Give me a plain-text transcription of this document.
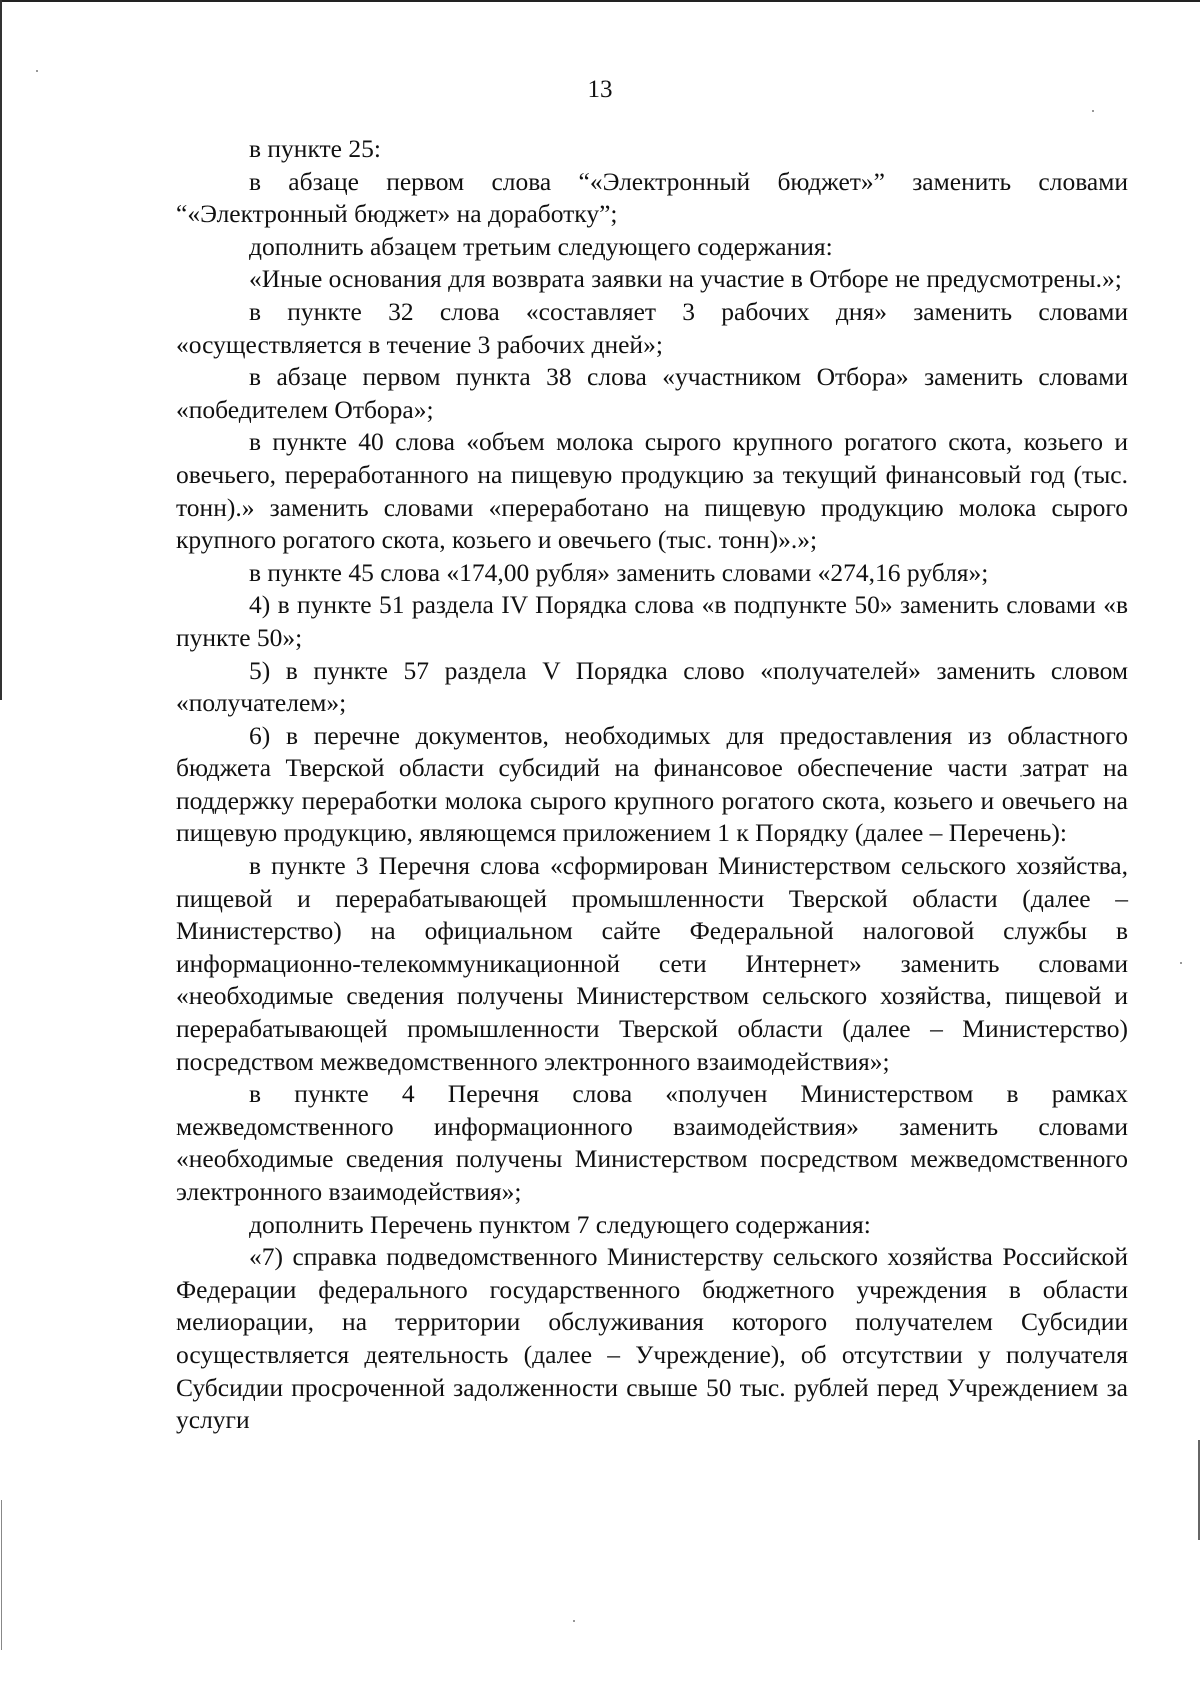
13

в пункте 25:

в абзаце первом слова “«Электронный бюджет»” заменить словами “«Электронный бюджет» на доработку”;

дополнить абзацем третьим следующего содержания:

«Иные основания для возврата заявки на участие в Отборе не предусмотрены.»;

в пункте 32 слова «составляет 3 рабочих дня» заменить словами «осуществляется в течение 3 рабочих дней»;

в абзаце первом пункта 38 слова «участником Отбора» заменить словами «победителем Отбора»;

в пункте 40 слова «объем молока сырого крупного рогатого скота, козьего и овечьего, переработанного на пищевую продукцию за текущий финансовый год (тыс. тонн).» заменить словами «переработано на пищевую продукцию молока сырого крупного рогатого скота, козьего и овечьего (тыс. тонн)».»;

в пункте 45 слова «174,00 рубля» заменить словами «274,16 рубля»;

4) в пункте 51 раздела IV Порядка слова «в подпункте 50» заменить словами «в пункте 50»;

5) в пункте 57 раздела V Порядка слово «получателей» заменить словом «получателем»;

6) в перечне документов, необходимых для предоставления из областного бюджета Тверской области субсидий на финансовое обеспечение части затрат на поддержку переработки молока сырого крупного рогатого скота, козьего и овечьего на пищевую продукцию, являющемся приложением 1 к Порядку (далее – Перечень):

в пункте 3 Перечня слова «сформирован Министерством сельского хозяйства, пищевой и перерабатывающей промышленности Тверской области (далее – Министерство) на официальном сайте Федеральной налоговой службы в информационно-телекоммуникационной сети Интернет» заменить словами «необходимые сведения получены Министерством сельского хозяйства, пищевой и перерабатывающей промышленности Тверской области (далее – Министерство) посредством межведомственного электронного взаимодействия»;

в пункте 4 Перечня слова «получен Министерством в рамках межведомственного информационного взаимодействия» заменить словами «необходимые сведения получены Министерством посредством межведомственного электронного взаимодействия»;

дополнить Перечень пунктом 7 следующего содержания:

«7) справка подведомственного Министерству сельского хозяйства Российской Федерации федерального государственного бюджетного учреждения в области мелиорации, на территории обслуживания которого получателем Субсидии осуществляется деятельность (далее – Учреждение), об отсутствии у получателя Субсидии просроченной задолженности свыше 50 тыс. рублей перед Учреждением за услуги
